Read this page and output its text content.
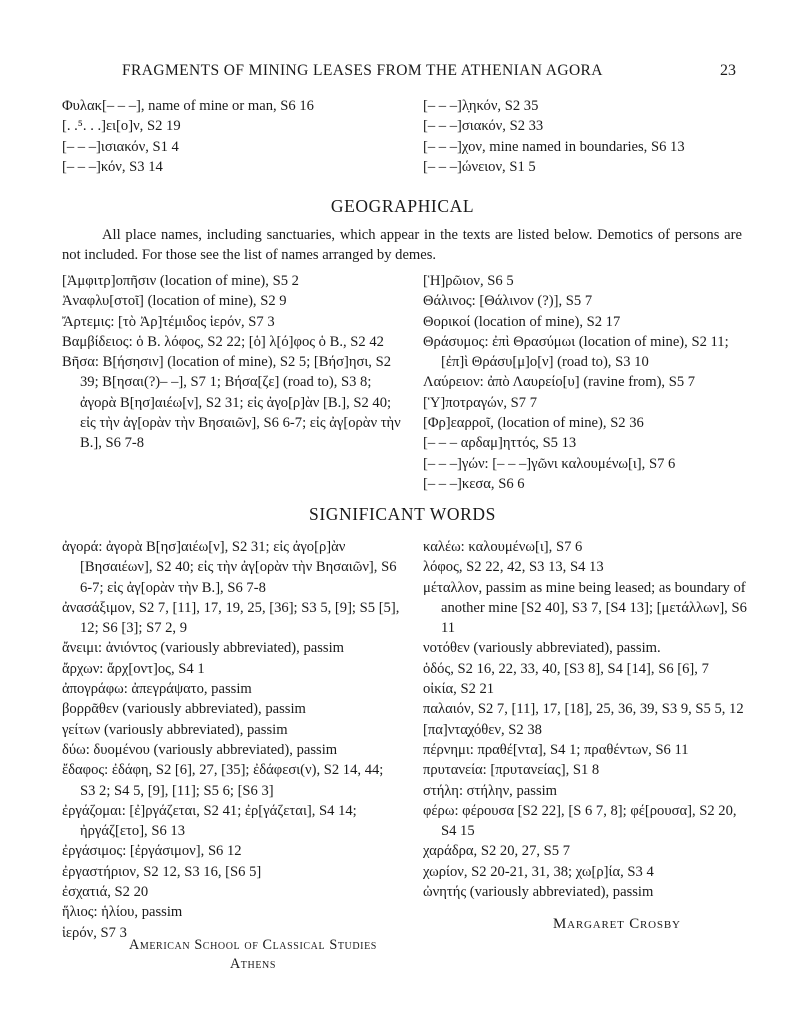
FRAGMENTS OF MINING LEASES FROM THE ATHENIAN AGORA	23
Φυλακ[– – –], name of mine or man, S6 16
[. .⁵. . .]ει[ο]ν, S2 19
[– – –]ισιακόν, S1 4
[– – –]κόν, S3 14
[– – –]λ̣ηκόν, S2 35
[– – –]σιακόν, S2 33
[– – –]χον, mine named in boundaries, S6 13
[– – –]ώνειον, S1 5
GEOGRAPHICAL
All place names, including sanctuaries, which appear in the texts are listed below. Demotics of persons are not included. For those see the list of names arranged by demes.
[Ἀμφιτρ]οπῆσιν (location of mine), S5 2
Ἀναφλυ[στοῖ] (location of mine), S2 9
Ἄρτεμις: [τὸ Ἀρ]τέμιδος ἱερόν, S7 3
Βαμβίδειος: ὁ Β. λόφος, S2 22; [ὁ] λ[ό]φος ὁ Β., S2 42
Βῆσα: Β[ήσησιν] (location of mine), S2 5; [Βήσ]ησι, S2 39; Β[ησαι(?)– –], S7 1; Βήσα[ζε] (road to), S3 8; ἀγορὰ Β[ησ]αιέω[ν], S2 31; εἰς ἀγο[ρ]ὰν [Β.], S2 40; εἰς τὴν ἀγ[ορὰν τὴν Βησαιῶν], S6 6-7; εἰς ἀγ[ορὰν τὴν Β.], S6 7-8
[Ἡ]ρῶιον, S6 5
Θάλινος: [Θάλινον (?)], S5 7
Θορικοί (location of mine), S2 17
Θράσυμος: ἐπὶ Θρασύμωι (location of mine), S2 11; [ἐπ]ὶ Θράσυ[μ]ο[ν] (road to), S3 10
Λαύρειον: ἀπὸ Λαυρείο[υ] (ravine from), S5 7
[Ὑ]ποτραγών, S7 7
[Φρ]εαρροῖ, (location of mine), S2 36
[– – – αρδαμ]ηττός, S5 13
[– – –]γών: [– – –]γῶνι καλουμένω[ι], S7 6
[– – –]κεσα, S6 6
SIGNIFICANT WORDS
ἀγορά: ἀγορὰ Β[ησ]αιέω[ν], S2 31; εἰς ἀγο[ρ]ὰν [Βησαιέων], S2 40; εἰς τὴν ἀγ[ορὰν τὴν Βησαιῶν], S6 6-7; εἰς ἀγ[ορὰν τὴν Β.], S6 7-8
ἀνασάξιμον, S2 7, [11], 17, 19, 25, [36]; S3 5, [9]; S5 [5], 12; S6 [3]; S7 2, 9
ἄνειμι: ἀνιόντος (variously abbreviated), passim
ἄρχων: ἄρχ[οντ]ος, S4 1
ἀπογράφω: ἀπεγράψατο, passim
βορρᾶθεν (variously abbreviated), passim
γείτων (variously abbreviated), passim
δύω: δυομένου (variously abbreviated), passim
ἔδαφος: ἐδάφη, S2 [6], 27, [35]; ἐδάφεσι(ν), S2 14, 44; S3 2; S4 5, [9], [11]; S5 6; [S6 3]
ἐργάζομαι: [ἐ]ργάζεται, S2 41; ἐρ[γάζεται], S4 14; ἠργάζ[ετο], S6 13
ἐργάσιμος: [ἐργάσιμον], S6 12
ἐργαστήριον, S2 12, S3 16, [S6 5]
ἐσχατιά, S2 20
ἥλιος: ἡλίου, passim
ἱερόν, S7 3
καλέω: καλουμένω[ι], S7 6
λόφος, S2 22, 42, S3 13, S4 13
μέταλλον, passim as mine being leased; as boundary of another mine [S2 40], S3 7, [S4 13]; [μετάλλων], S6 11
νοτόθεν (variously abbreviated), passim.
ὁδός, S2 16, 22, 33, 40, [S3 8], S4 [14], S6 [6], 7
οἰκία, S2 21
παλαιόν, S2 7, [11], 17, [18], 25, 36, 39, S3 9, S5 5, 12
[πα]ντα̣χόθεν, S2 38
πέρνημι: πραθέ[ντα], S4 1; πραθέντων, S6 11
πρυτανεία: [πρυτανείας], S1 8
στήλη: στήλην, passim
φέρω: φέρουσα [S2 22], [S 6 7, 8]; φέ[ρουσα], S2 20, S4 15
χαράδρα, S2 20, 27, S5 7
χωρίον, S2 20-21, 31, 38; χω[ρ]ία, S3 4
ὠνητής (variously abbreviated), passim
Margaret Crosby
American School of Classical Studies
Athens
